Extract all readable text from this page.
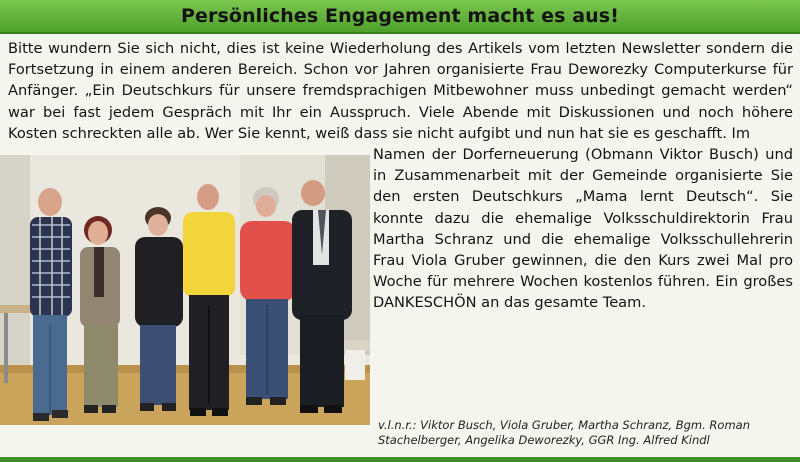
Persönliches Engagement macht es aus!

Bitte wundern Sie sich nicht, dies ist keine Wiederholung des Artikels vom letzten Newsletter sondern die Fortsetzung in einem anderen Bereich. Schon vor Jahren organisierte Frau Deworezky Computerkurse für Anfänger. „Ein Deutschkurs für unsere fremdsprachigen Mitbewohner muss unbedingt gemacht werden“ war bei fast jedem Gespräch mit Ihr ein Ausspruch. Viele Abende mit Diskussionen und noch höhere Kosten schreckten alle ab. Wer Sie kennt, weiß dass sie nicht aufgibt und nun hat sie es geschafft. Im

Namen der Dorferneuerung (Obmann Viktor Busch) und in Zusammenarbeit mit der Gemeinde organisierte Sie den ersten Deutschkurs „Mama lernt Deutsch“. Sie konnte dazu die ehemalige Volksschuldirektorin Frau Martha Schranz und die ehemalige Volksschullehrerin Frau Viola Gruber gewinnen, die den Kurs zwei Mal pro Woche für mehrere Wochen kostenlos führen. Ein großes DANKESCHÖN an das gesamte Team.

v.l.n.r.: Viktor Busch, Viola Gruber, Martha Schranz, Bgm. Roman Stachelberger, Angelika Deworezky, GGR Ing. Alfred Kindl
